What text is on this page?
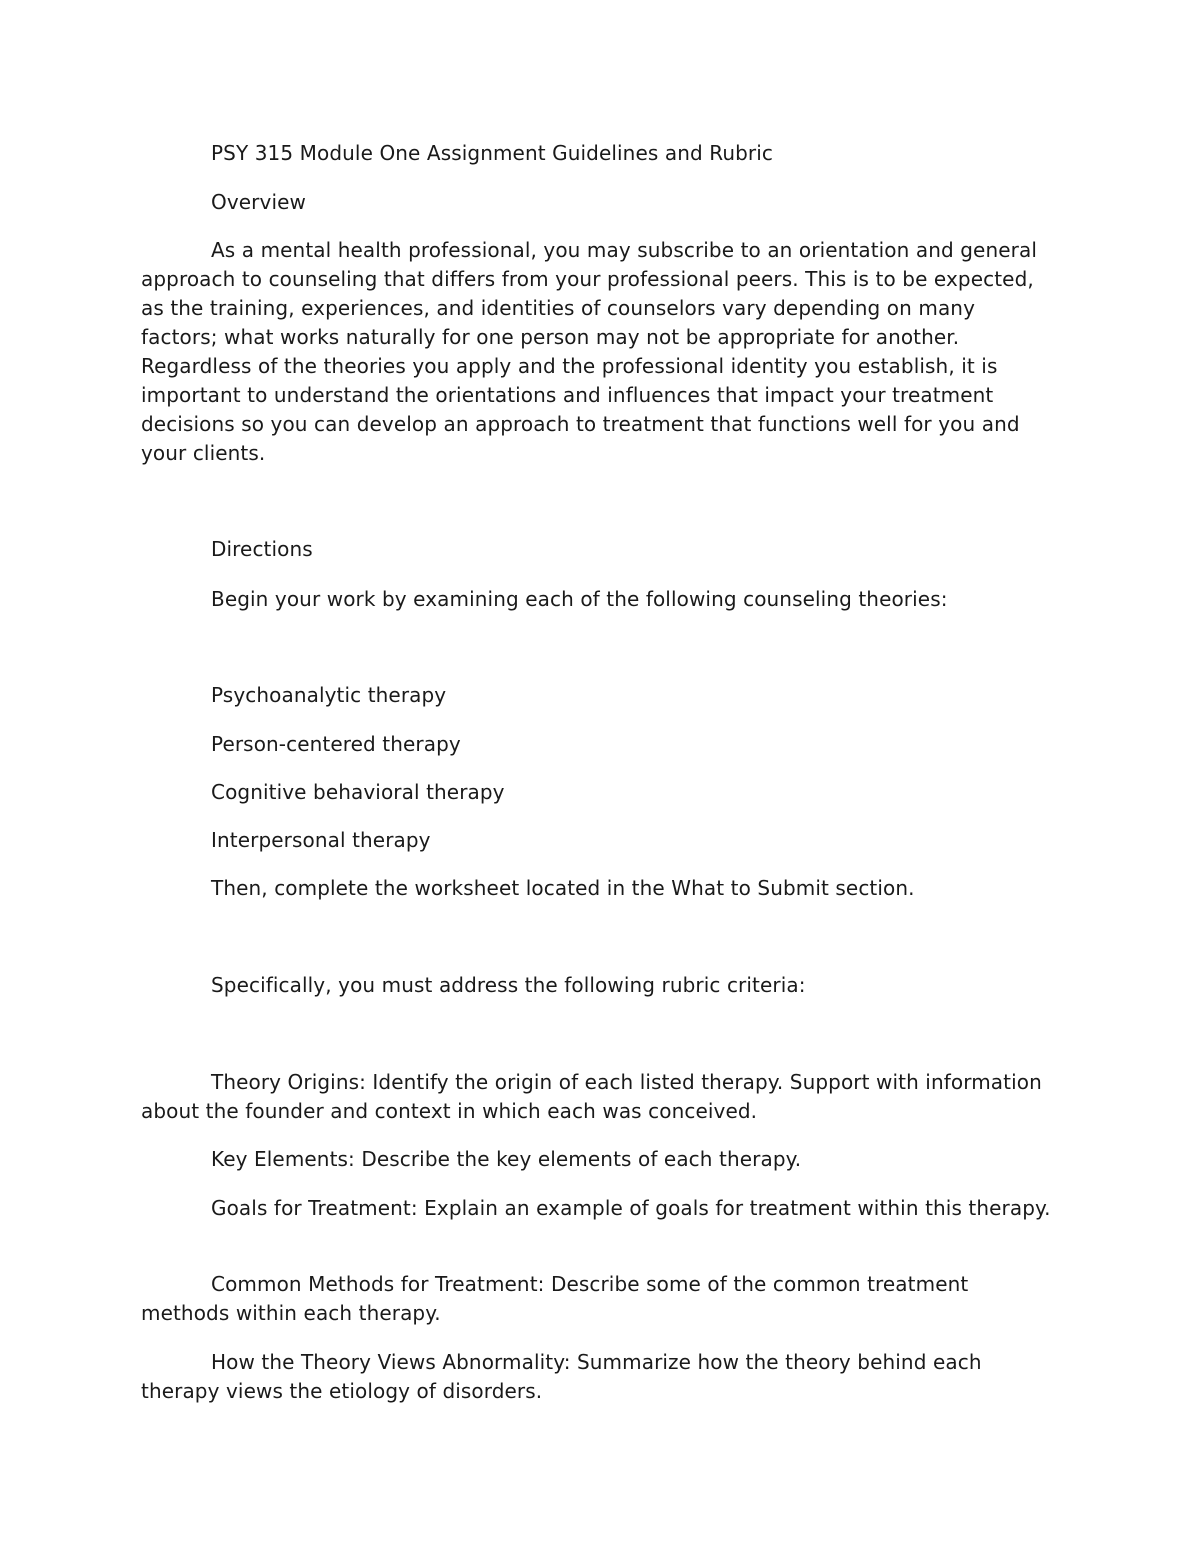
PSY 315 Module One Assignment Guidelines and Rubric
Overview
As a mental health professional, you may subscribe to an orientation and general approach to counseling that differs from your professional peers. This is to be expected, as the training, experiences, and identities of counselors vary depending on many factors; what works naturally for one person may not be appropriate for another. Regardless of the theories you apply and the professional identity you establish, it is important to understand the orientations and influences that impact your treatment decisions so you can develop an approach to treatment that functions well for you and your clients.
Directions
Begin your work by examining each of the following counseling theories:
Psychoanalytic therapy
Person-centered therapy
Cognitive behavioral therapy
Interpersonal therapy
Then, complete the worksheet located in the What to Submit section.
Specifically, you must address the following rubric criteria:
Theory Origins: Identify the origin of each listed therapy. Support with information about the founder and context in which each was conceived.
Key Elements: Describe the key elements of each therapy.
Goals for Treatment: Explain an example of goals for treatment within this therapy.
Common Methods for Treatment: Describe some of the common treatment methods within each therapy.
How the Theory Views Abnormality: Summarize how the theory behind each therapy views the etiology of disorders.
